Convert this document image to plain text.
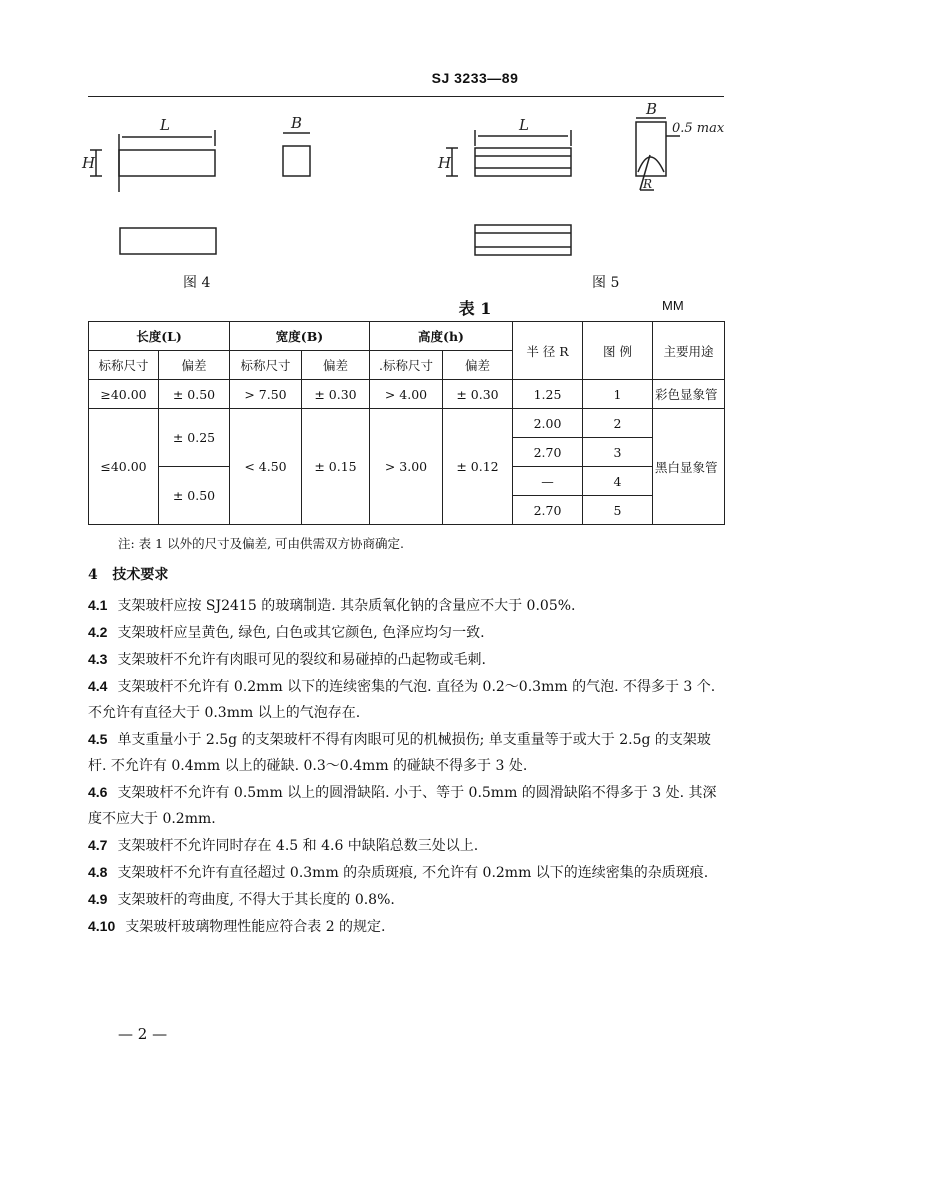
SJ 3233—89
L	B
H
L
H
B
R
0.5 max
图 4	图 5
表 1	MM
长度(L)		宽度(B)		高度(h)		半 径 R	图 例	主要用途
标称尺寸	偏差	标称尺寸	偏差	.标称尺寸	偏差			
≥40.00	± 0.50	> 7.50	± 0.30	> 4.00	± 0.30	1.25	1	彩色显象管
≤40.00	± 0.25	< 4.50	± 0.15	> 3.00	± 0.12	2.00	2	黑白显象管
						2.70	3	
	± 0.50					—	4	
						2.70	5	
注: 表 1 以外的尺寸及偏差, 可由供需双方协商确定.
4 技术要求
4.1 支架玻杆应按 SJ2415 的玻璃制造. 其杂质氧化钠的含量应不大于 0.05%.
4.2 支架玻杆应呈黄色, 绿色, 白色或其它颜色, 色泽应均匀一致.
4.3 支架玻杆不允许有肉眼可见的裂纹和易碰掉的凸起物或毛刺.
4.4 支架玻杆不允许有 0.2mm 以下的连续密集的气泡. 直径为 0.2～0.3mm 的气泡. 不得多于 3 个. 不允许有直径大于 0.3mm 以上的气泡存在.
4.5 单支重量小于 2.5g 的支架玻杆不得有肉眼可见的机械损伤; 单支重量等于或大于 2.5g 的支架玻杆. 不允许有 0.4mm 以上的碰缺. 0.3～0.4mm 的碰缺不得多于 3 处.
4.6 支架玻杆不允许有 0.5mm 以上的圆滑缺陷. 小于、等于 0.5mm 的圆滑缺陷不得多于 3 处. 其深度不应大于 0.2mm.
4.7 支架玻杆不允许同时存在 4.5 和 4.6 中缺陷总数三处以上.
4.8 支架玻杆不允许有直径超过 0.3mm 的杂质斑痕, 不允许有 0.2mm 以下的连续密集的杂质斑痕.
4.9 支架玻杆的弯曲度, 不得大于其长度的 0.8%.
4.10 支架玻杆玻璃物理性能应符合表 2 的规定.
— 2 —
